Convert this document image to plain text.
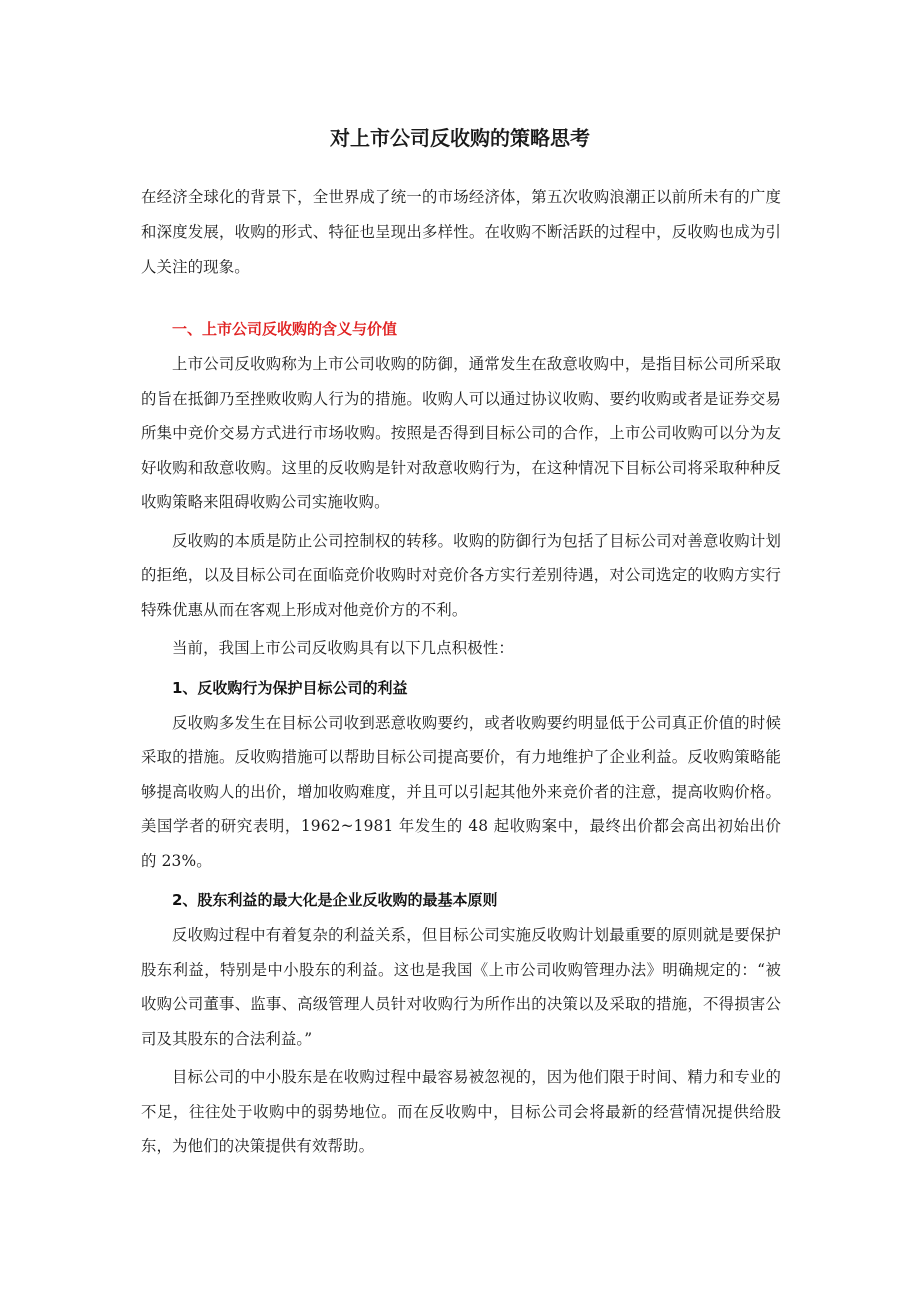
对上市公司反收购的策略思考

在经济全球化的背景下，全世界成了统一的市场经济体，第五次收购浪潮正以前所未有的广度和深度发展，收购的形式、特征也呈现出多样性。在收购不断活跃的过程中，反收购也成为引人关注的现象。

一、上市公司反收购的含义与价值

上市公司反收购称为上市公司收购的防御，通常发生在敌意收购中，是指目标公司所采取的旨在抵御乃至挫败收购人行为的措施。收购人可以通过协议收购、要约收购或者是证券交易所集中竞价交易方式进行市场收购。按照是否得到目标公司的合作，上市公司收购可以分为友好收购和敌意收购。这里的反收购是针对敌意收购行为，在这种情况下目标公司将采取种种反收购策略来阻碍收购公司实施收购。

反收购的本质是防止公司控制权的转移。收购的防御行为包括了目标公司对善意收购计划的拒绝，以及目标公司在面临竞价收购时对竞价各方实行差别待遇，对公司选定的收购方实行特殊优惠从而在客观上形成对他竞价方的不利。

当前，我国上市公司反收购具有以下几点积极性：

1、反收购行为保护目标公司的利益

反收购多发生在目标公司收到恶意收购要约，或者收购要约明显低于公司真正价值的时候采取的措施。反收购措施可以帮助目标公司提高要价，有力地维护了企业利益。反收购策略能够提高收购人的出价，增加收购难度，并且可以引起其他外来竞价者的注意，提高收购价格。美国学者的研究表明，1962~1981 年发生的 48 起收购案中，最终出价都会高出初始出价的 23%。

2、股东利益的最大化是企业反收购的最基本原则

反收购过程中有着复杂的利益关系，但目标公司实施反收购计划最重要的原则就是要保护股东利益，特别是中小股东的利益。这也是我国《上市公司收购管理办法》明确规定的：“被收购公司董事、监事、高级管理人员针对收购行为所作出的决策以及采取的措施，不得损害公司及其股东的合法利益。”

目标公司的中小股东是在收购过程中最容易被忽视的，因为他们限于时间、精力和专业的不足，往往处于收购中的弱势地位。而在反收购中，目标公司会将最新的经营情况提供给股东，为他们的决策提供有效帮助。
